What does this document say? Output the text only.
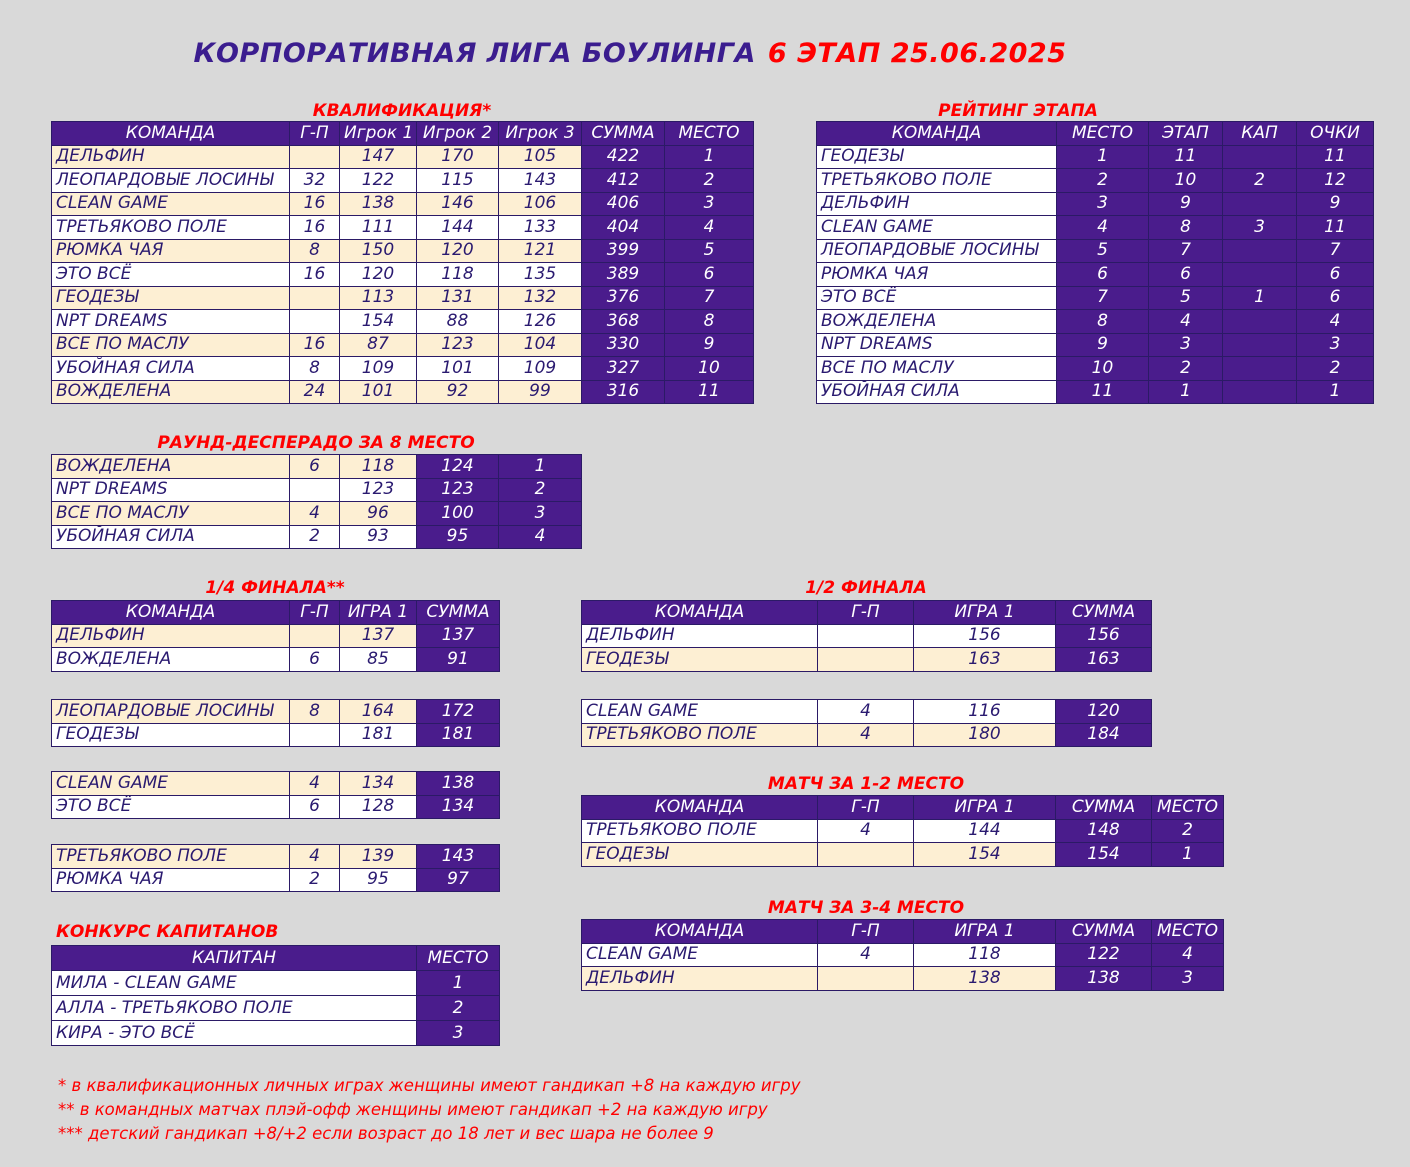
КОРПОРАТИВНАЯ ЛИГА БОУЛИНГА 6 ЭТАП 25.06.2025
КВАЛИФИКАЦИЯ*
КОМАНДА	Г-П	Игрок 1	Игрок 2	Игрок 3	СУММА	МЕСТО
ДЕЛЬФИН		147	170	105	422	1
ЛЕОПАРДОВЫЕ ЛОСИНЫ	32	122	115	143	412	2
CLEAN GAME	16	138	146	106	406	3
ТРЕТЬЯКОВО ПОЛЕ	16	111	144	133	404	4
РЮМКА ЧАЯ	8	150	120	121	399	5
ЭТО ВСЁ	16	120	118	135	389	6
ГЕОДЕЗЫ		113	131	132	376	7
NPT DREAMS		154	88	126	368	8
ВСЕ ПО МАСЛУ	16	87	123	104	330	9
УБОЙНАЯ СИЛА	8	109	101	109	327	10
ВОЖДЕЛЕНА	24	101	92	99	316	11
РЕЙТИНГ ЭТАПА
КОМАНДА	МЕСТО	ЭТАП	КАП	ОЧКИ
ГЕОДЕЗЫ	1	11		11
ТРЕТЬЯКОВО ПОЛЕ	2	10	2	12
ДЕЛЬФИН	3	9		9
CLEAN GAME	4	8	3	11
ЛЕОПАРДОВЫЕ ЛОСИНЫ	5	7		7
РЮМКА ЧАЯ	6	6		6
ЭТО ВСЁ	7	5	1	6
ВОЖДЕЛЕНА	8	4		4
NPT DREAMS	9	3		3
ВСЕ ПО МАСЛУ	10	2		2
УБОЙНАЯ СИЛА	11	1		1
РАУНД-ДЕСПЕРАДО ЗА 8 МЕСТО
ВОЖДЕЛЕНА	6	118	124	1
NPT DREAMS		123	123	2
ВСЕ ПО МАСЛУ	4	96	100	3
УБОЙНАЯ СИЛА	2	93	95	4
1/4 ФИНАЛА**
КОМАНДА	Г-П	ИГРА 1	СУММА
ДЕЛЬФИН		137	137
ВОЖДЕЛЕНА	6	85	91
ЛЕОПАРДОВЫЕ ЛОСИНЫ	8	164	172
ГЕОДЕЗЫ		181	181
CLEAN GAME	4	134	138
ЭТО ВСЁ	6	128	134
ТРЕТЬЯКОВО ПОЛЕ	4	139	143
РЮМКА ЧАЯ	2	95	97
1/2 ФИНАЛА
КОМАНДА	Г-П	ИГРА 1	СУММА
ДЕЛЬФИН		156	156
ГЕОДЕЗЫ		163	163
CLEAN GAME	4	116	120
ТРЕТЬЯКОВО ПОЛЕ	4	180	184
МАТЧ ЗА 1-2 МЕСТО
КОМАНДА	Г-П	ИГРА 1	СУММА	МЕСТО
ТРЕТЬЯКОВО ПОЛЕ	4	144	148	2
ГЕОДЕЗЫ		154	154	1
МАТЧ ЗА 3-4 МЕСТО
КОМАНДА	Г-П	ИГРА 1	СУММА	МЕСТО
CLEAN GAME	4	118	122	4
ДЕЛЬФИН		138	138	3
КОНКУРС КАПИТАНОВ
КАПИТАН	МЕСТО
МИЛА - CLEAN GAME	1
АЛЛА - ТРЕТЬЯКОВО ПОЛЕ	2
КИРА - ЭТО ВСЁ	3
* в квалификационных личных играх женщины имеют гандикап +8 на каждую игру
** в командных матчах плэй-офф женщины имеют гандикап +2 на каждую игру
*** детский гандикап +8/+2 если возраст до 18 лет и вес шара не более 9
